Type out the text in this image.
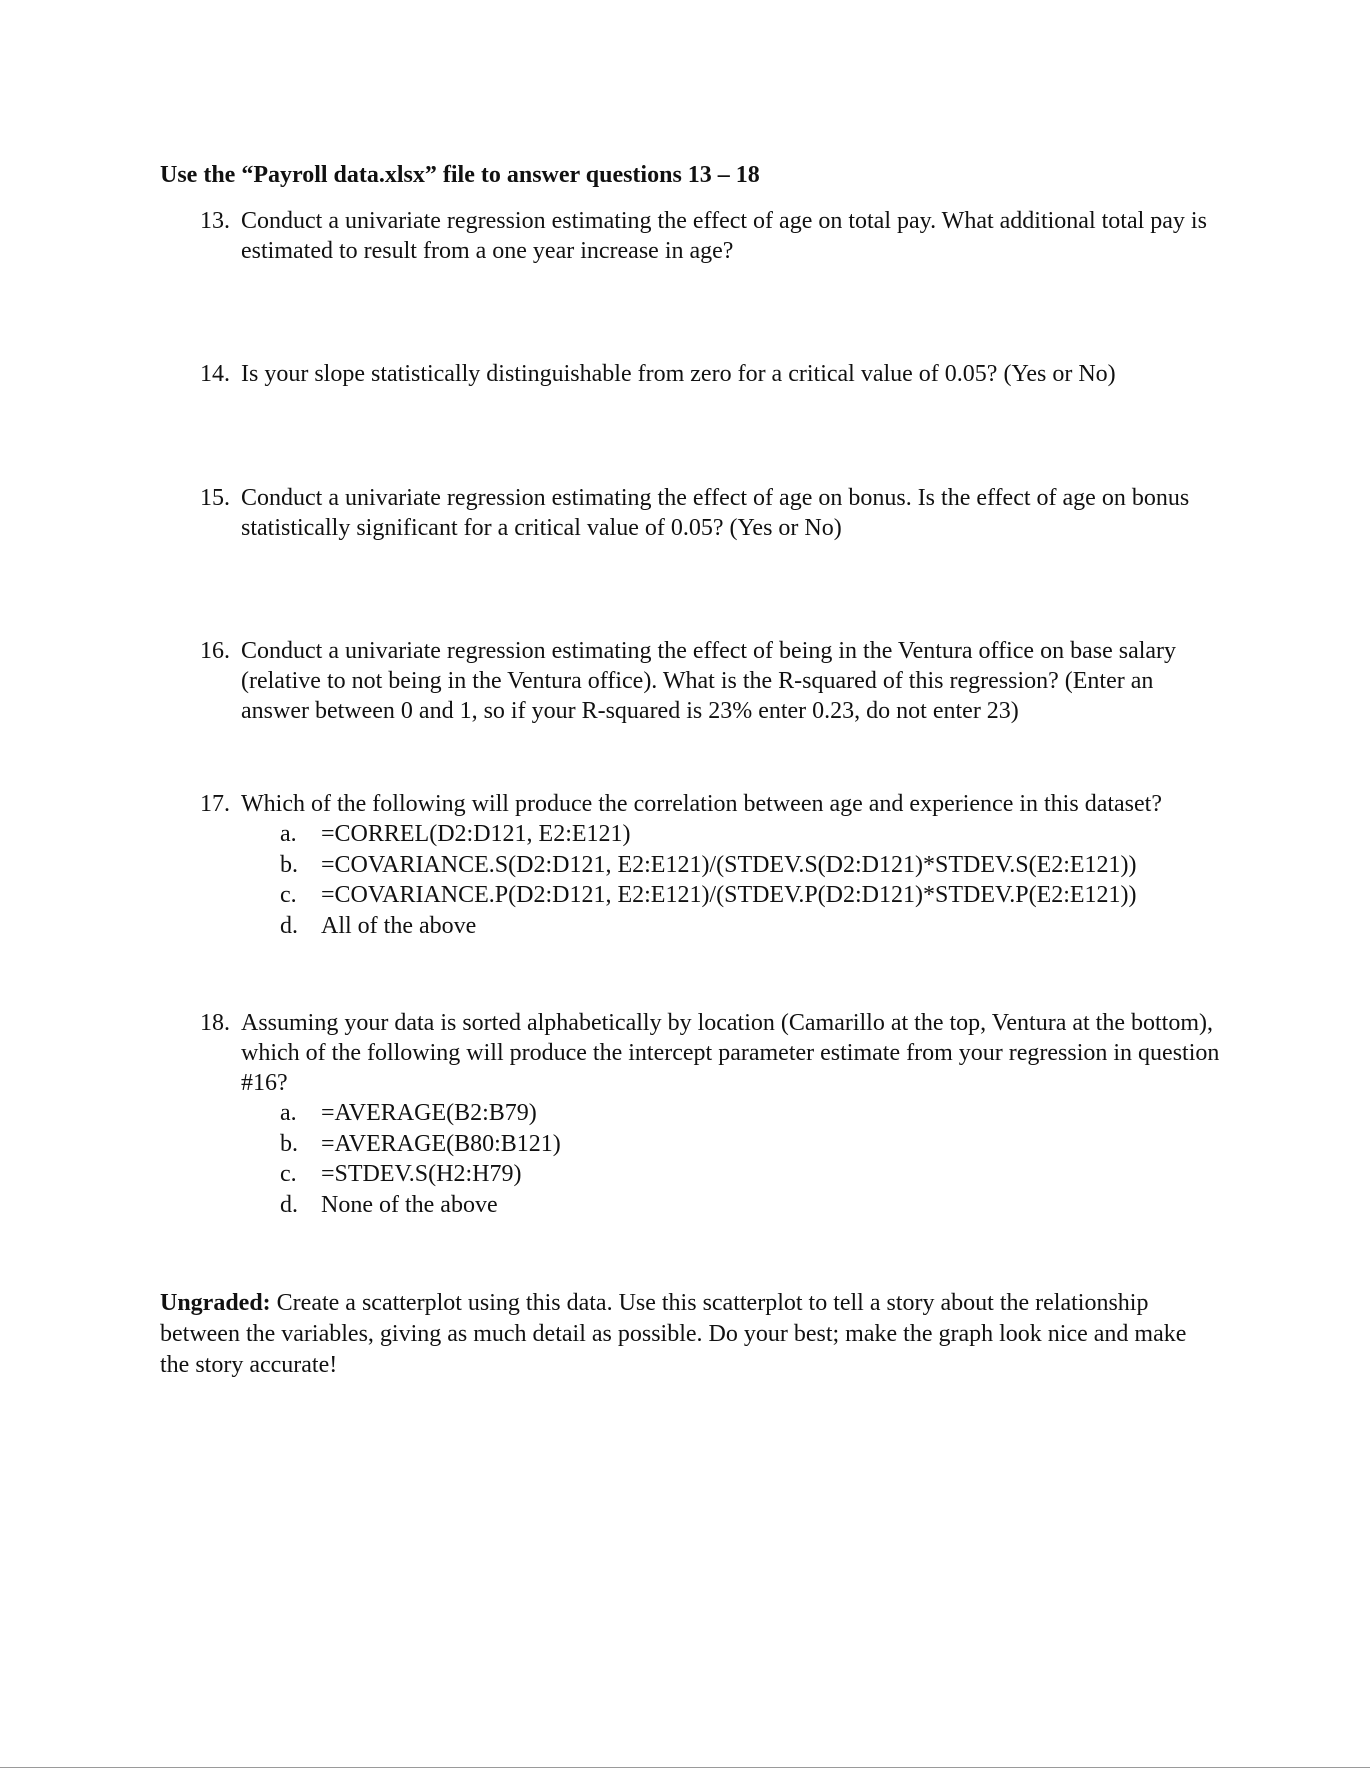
Use the “Payroll data.xlsx” file to answer questions 13 – 18
13. Conduct a univariate regression estimating the effect of age on total pay. What additional total pay is estimated to result from a one year increase in age?
14. Is your slope statistically distinguishable from zero for a critical value of 0.05? (Yes or No)
15. Conduct a univariate regression estimating the effect of age on bonus. Is the effect of age on bonus statistically significant for a critical value of 0.05? (Yes or No)
16. Conduct a univariate regression estimating the effect of being in the Ventura office on base salary (relative to not being in the Ventura office). What is the R-squared of this regression? (Enter an answer between 0 and 1, so if your R-squared is 23% enter 0.23, do not enter 23)
17. Which of the following will produce the correlation between age and experience in this dataset?
a. =CORREL(D2:D121, E2:E121)
b. =COVARIANCE.S(D2:D121, E2:E121)/(STDEV.S(D2:D121)*STDEV.S(E2:E121))
c. =COVARIANCE.P(D2:D121, E2:E121)/(STDEV.P(D2:D121)*STDEV.P(E2:E121))
d. All of the above
18. Assuming your data is sorted alphabetically by location (Camarillo at the top, Ventura at the bottom), which of the following will produce the intercept parameter estimate from your regression in question #16?
a. =AVERAGE(B2:B79)
b. =AVERAGE(B80:B121)
c. =STDEV.S(H2:H79)
d. None of the above
Ungraded: Create a scatterplot using this data. Use this scatterplot to tell a story about the relationship between the variables, giving as much detail as possible. Do your best; make the graph look nice and make the story accurate!
